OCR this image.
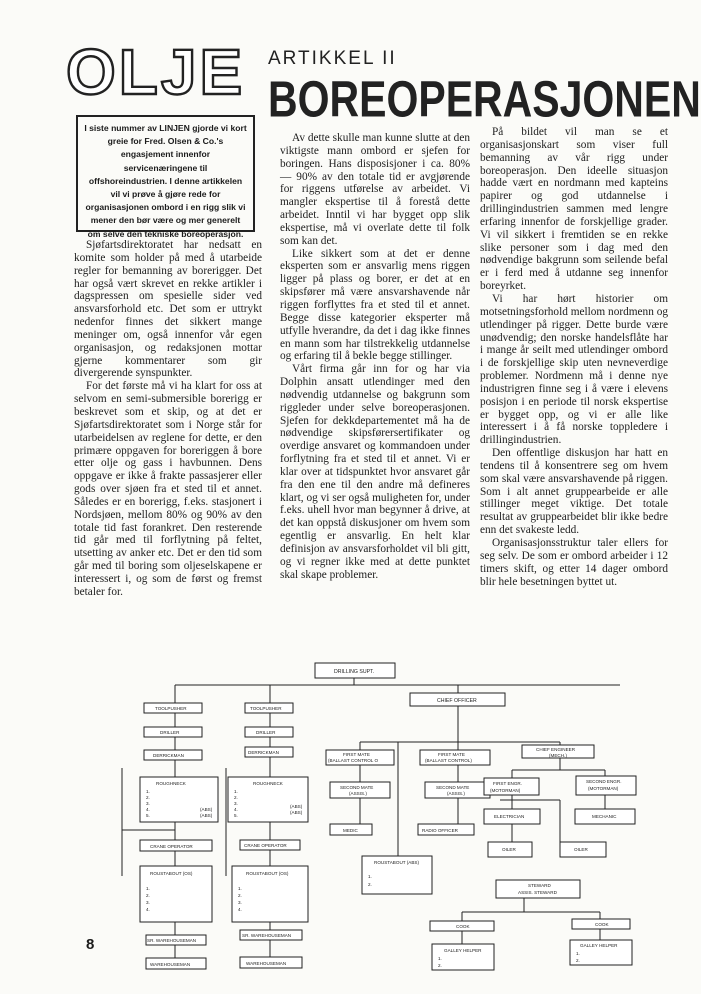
OLJE ARTIKKEL II
BOREOPERASJONEN
I siste nummer av LINJEN gjorde vi kort greie for Fred. Olsen & Co.'s engasjement innenfor servicenæringene til offshoreindustrien. I denne artikkelen vil vi prøve å gjøre rede for organisasjonen ombord i en rigg slik vi mener den bør være og mer generelt om selve den tekniske boreoperasjon.

Sjøfartsdirektoratet har nedsatt en komite som holder på med å utarbeide regler for bemanning av borerigger. Det har også vært skrevet en rekke artikler i dagspressen om spesielle sider ved ansvarsforhold etc. Det som er uttrykt nedenfor finnes det sikkert mange meninger om, også innenfor vår egen organisasjon, og redaksjonen mottar gjerne kommentarer som gir divergerende synspunkter.

For det første må vi ha klart for oss at selvom en semi-submersible borerigg er beskrevet som et skip, og at det er Sjøfartsdirektoratet som i Norge står for utarbeidelsen av reglene for dette, er den primære oppgaven for boreriggen å bore etter olje og gass i havbunnen. Dens oppgave er ikke å frakte passasjerer eller gods over sjøen fra et sted til et annet. Således er en borerigg, f.eks. stasjonert i Nordsjøen, mellom 80% og 90% av den totale tid fast forankret. Den resterende tid går med til forflytning på feltet, utsetting av anker etc. Det er den tid som går med til boring som oljeselskapene er interessert i, og som de først og fremst betaler for.

Av dette skulle man kunne slutte at den viktigste mann ombord er sjefen for boringen. Hans disposisjoner i ca. 80% — 90% av den totale tid er avgjørende for riggens utførelse av arbeidet. Vi mangler ekspertise til å forestå dette arbeidet. Inntil vi har bygget opp slik ekspertise, må vi overlate dette til folk som kan det.

Like sikkert som at det er denne eksperten som er ansvarlig mens riggen ligger på plass og borer, er det at en skipsfører må være ansvarshavende når riggen forflyttes fra et sted til et annet. Begge disse kategorier eksperter må utfylle hverandre, da det i dag ikke finnes en mann som har tilstrekkelig utdannelse og erfaring til å bekle begge stillinger.

Vårt firma går inn for og har via Dolphin ansatt utlendinger med den nødvendig utdannelse og bakgrunn som riggleder under selve boreoperasjonen. Sjefen for dekkdepartementet må ha de nødvendige skipsførersertifikater og overdige ansvaret og kommandoen under forflytning fra et sted til et annet. Vi er klar over at tidspunktet hvor ansvaret går fra den ene til den andre må defineres klart, og vi ser også muligheten for, under f.eks. uhell hvor man begynner å drive, at det kan oppstå diskusjoner om hvem som egentlig er ansvarlig. En helt klar definisjon av ansvarsforholdet vil bli gitt, og vi regner ikke med at dette punktet skal skape problemer.

På bildet vil man se et organisasjonskart som viser full bemanning av vår rigg under boreoperasjon. Den ideelle situasjon hadde vært en nordmann med kapteins papirer og god utdannelse i drillingindustrien sammen med lengre erfaring innenfor de forskjellige grader. Vi vil sikkert i fremtiden se en rekke slike personer som i dag med den nødvendige bakgrunn som seilende befal er i ferd med å utdanne seg innenfor boreyrket.

Vi har hørt historier om motsetningsforhold mellom nordmenn og utlendinger på rigger. Dette burde være unødvendig; den norske handelsflåte har i mange år seilt med utlendinger ombord i de forskjellige skip uten nevneverdige problemer. Nordmenn må i denne nye industrigren finne seg i å være i elevens posisjon i en periode til norsk ekspertise er bygget opp, og vi er alle like interessert i å få norske toppledere i drillingindustrien.

Den offentlige diskusjon har hatt en tendens til å konsentrere seg om hvem som skal være ansvarshavende på riggen. Som i alt annet gruppearbeide er alle stillinger meget viktige. Det totale resultat av gruppearbeidet blir ikke bedre enn det svakeste ledd.

Organisasjonsstruktur taler ellers for seg selv. De som er ombord arbeider i 12 timers skift, og etter 14 dager ombord blir hele besetningen byttet ut.

8
DRILLING SUPT.
CHIEF OFFICER
TOOLPUSHER
DRILLER
DERRICKMAN
ROUGHNECK
1.
2.
3.
4.
5.
(ABS)
(ABS)
CRANE OPERATOR
ROUSTABOUT (OS)
1.
2.
3.
4.
SR. WAREHOUSEMAN
WAREHOUSEMAN
TOOLPUSHER
DRILLER
DERRICKMAN
ROUGHNECK
1.
2.
3.
4.
5.
(ABS)
(ABS)
CRANE OPERATOR
ROUSTABOUT (OS)
1.
2.
3.
4.
SR. WAREHOUSEMAN
WAREHOUSEMAN
FIRST MATE
(BALLAST CONTROL O
FIRST MATE
(BALLAST CONTROL)
SECOND MATE
(ASSIS.)
SECOND MATE
(ASSIS.)
MEDIC	RADIO OFFICER
ROUSTABOUT (ABS)
1.
2.
CHIEF ENGINEER
(MECH.)
FIRST ENGR.
(MOTORMAN)
SECOND ENGR.
(MOTORMAN)
ELECTRICIAN	MECHANIC
OILER	OILER
STEWARD
ASSIS. STEWARD
COOK	COOK
GALLEY HELPER
1.
2.
GALLEY HELPER
1.
2.
